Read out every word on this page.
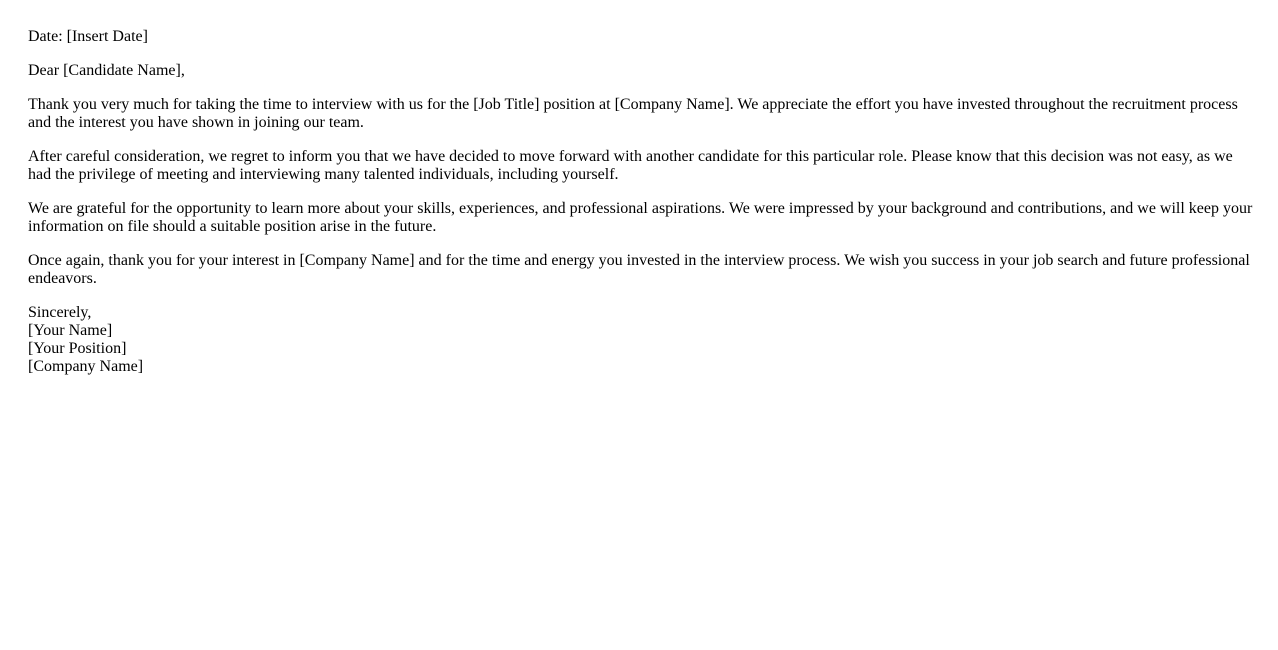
Date: [Insert Date]

Dear [Candidate Name],

Thank you very much for taking the time to interview with us for the [Job Title] position at [Company Name]. We appreciate the effort you have invested throughout the recruitment process and the interest you have shown in joining our team.

After careful consideration, we regret to inform you that we have decided to move forward with another candidate for this particular role. Please know that this decision was not easy, as we had the privilege of meeting and interviewing many talented individuals, including yourself.

We are grateful for the opportunity to learn more about your skills, experiences, and professional aspirations. We were impressed by your background and contributions, and we will keep your information on file should a suitable position arise in the future.

Once again, thank you for your interest in [Company Name] and for the time and energy you invested in the interview process. We wish you success in your job search and future professional endeavors.

Sincerely,
[Your Name]
[Your Position]
[Company Name]
